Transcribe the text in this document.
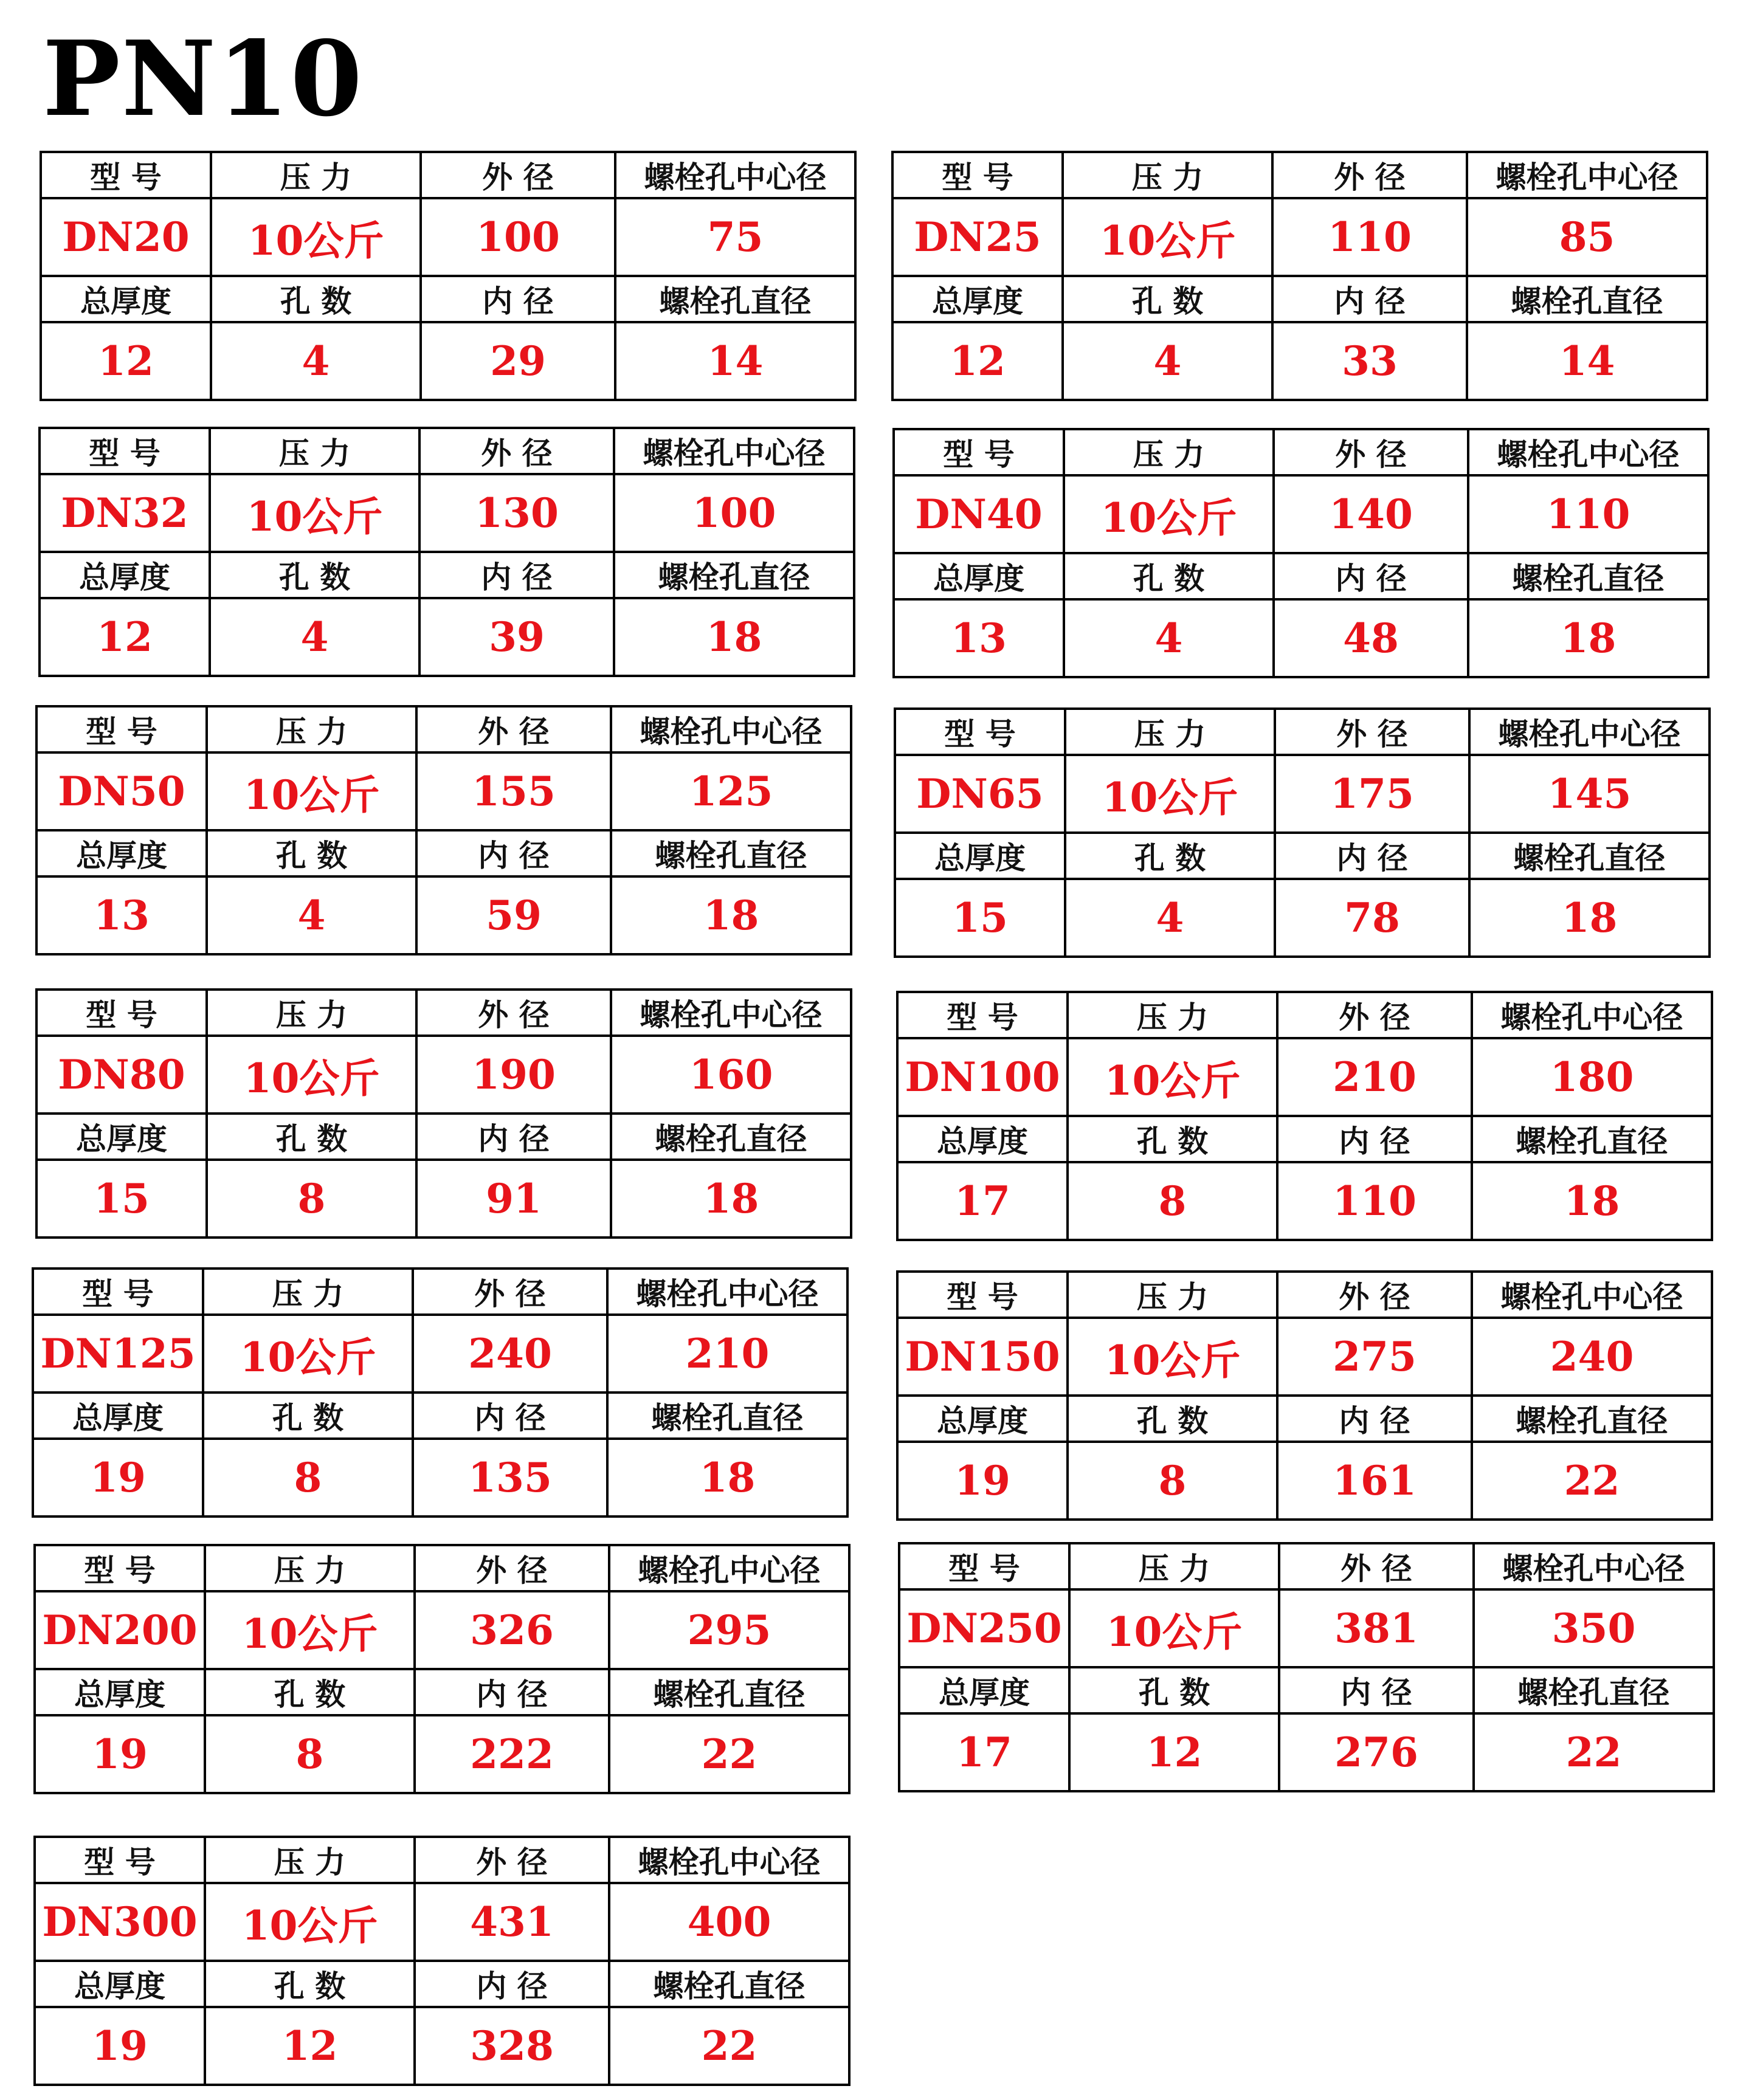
PN10
型 号	压 力	外 径	螺栓孔中心径
DN20	10公斤	100	75
总厚度	孔 数	内 径	螺栓孔直径
12	4	29	14
型 号	压 力	外 径	螺栓孔中心径
DN25	10公斤	110	85
总厚度	孔 数	内 径	螺栓孔直径
12	4	33	14
型 号	压 力	外 径	螺栓孔中心径
DN32	10公斤	130	100
总厚度	孔 数	内 径	螺栓孔直径
12	4	39	18
型 号	压 力	外 径	螺栓孔中心径
DN40	10公斤	140	110
总厚度	孔 数	内 径	螺栓孔直径
13	4	48	18
型 号	压 力	外 径	螺栓孔中心径
DN50	10公斤	155	125
总厚度	孔 数	内 径	螺栓孔直径
13	4	59	18
型 号	压 力	外 径	螺栓孔中心径
DN65	10公斤	175	145
总厚度	孔 数	内 径	螺栓孔直径
15	4	78	18
型 号	压 力	外 径	螺栓孔中心径
DN80	10公斤	190	160
总厚度	孔 数	内 径	螺栓孔直径
15	8	91	18
型 号	压 力	外 径	螺栓孔中心径
DN100	10公斤	210	180
总厚度	孔 数	内 径	螺栓孔直径
17	8	110	18
型 号	压 力	外 径	螺栓孔中心径
DN125	10公斤	240	210
总厚度	孔 数	内 径	螺栓孔直径
19	8	135	18
型 号	压 力	外 径	螺栓孔中心径
DN150	10公斤	275	240
总厚度	孔 数	内 径	螺栓孔直径
19	8	161	22
型 号	压 力	外 径	螺栓孔中心径
DN200	10公斤	326	295
总厚度	孔 数	内 径	螺栓孔直径
19	8	222	22
型 号	压 力	外 径	螺栓孔中心径
DN250	10公斤	381	350
总厚度	孔 数	内 径	螺栓孔直径
17	12	276	22
型 号	压 力	外 径	螺栓孔中心径
DN300	10公斤	431	400
总厚度	孔 数	内 径	螺栓孔直径
19	12	328	22
